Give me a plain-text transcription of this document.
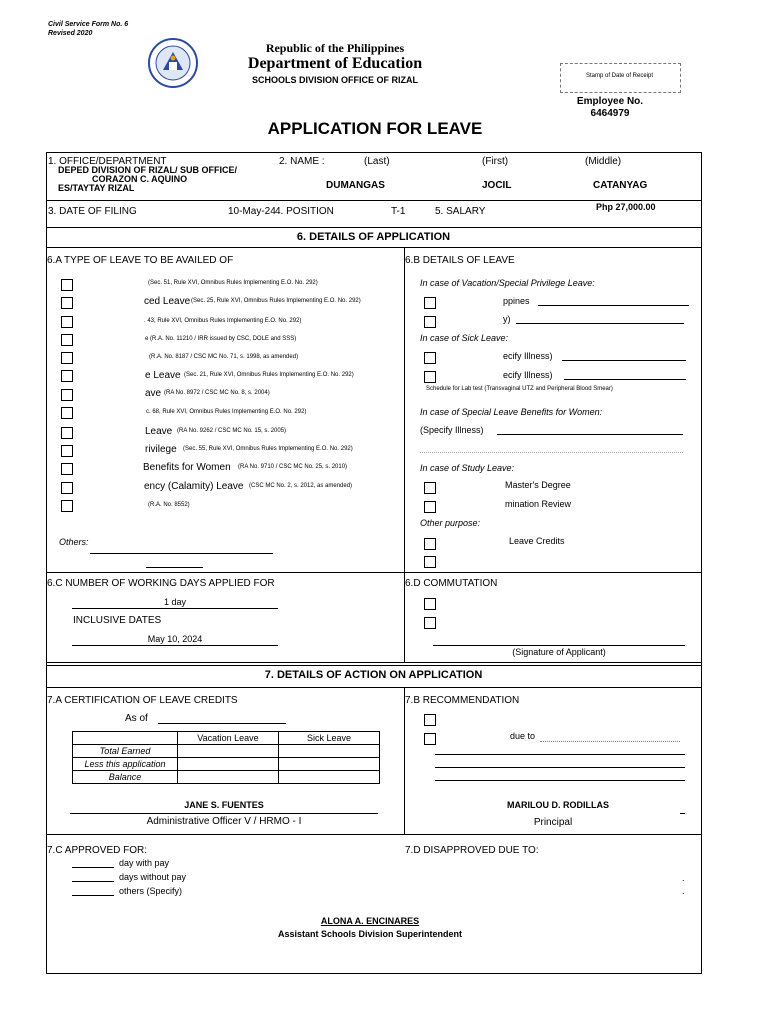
Civil Service Form No. 6
Revised 2020
Republic of the Philippines
Department of Education
SCHOOLS DIVISION OFFICE OF RIZAL	Stamp of Date of Receipt
Employee No.
6464979
APPLICATION FOR LEAVE
1. OFFICE/DEPARTMENT
DEPED DIVISION OF RIZAL/ SUB OFFICE/
CORAZON C. AQUINO
ES/TAYTAY RIZAL
2. NAME :	(Last)	(First)	(Middle)
DUMANGAS	JOCIL	CATANYAG
3. DATE OF FILING	10-May-24 4. POSITION	T-1	5. SALARY	Php 27,000.00
6. DETAILS OF APPLICATION
6.A TYPE OF LEAVE TO BE AVAILED OF
(Sec. 51, Rule XVI, Omnibus Rules Implementing E.O. No. 292)
ced Leave (Sec. 25, Rule XVI, Omnibus Rules Implementing E.O. No. 292)
. 43, Rule XVI, Omnibus Rules Implementing E.O. No. 292)
e (R.A. No. 11210 / IRR issued by CSC, DOLE and SSS)
(R.A. No. 8187 / CSC MC No. 71, s. 1998, as amended)
e Leave (Sec. 21, Rule XVI, Omnibus Rules Implementing E.O. No. 292)
ave (RA No. 8972 / CSC MC No. 8, s. 2004)
c. 68, Rule XVI, Omnibus Rules Implementing E.O. No. 292)
Leave (RA No. 9262 / CSC MC No. 15, s. 2005)
rivilege (Sec. 55, Rule XVI, Omnibus Rules Implementing E.O. No. 292)
Benefits for Women (RA No. 9710 / CSC MC No. 25, s. 2010)
ency (Calamity) Leave (CSC MC No. 2, s. 2012, as amended)
(R.A. No. 8552)
Others:
6.B DETAILS OF LEAVE
In case of Vacation/Special Privilege Leave:
ppines
y)
In case of Sick Leave:
ecify Illness)
ecify Illness)
Schedule for Lab test (Transvaginal UTZ and Peripheral Blood Smear)
In case of Special Leave Benefits for Women:
(Specify Illness)
In case of Study Leave:
Master's Degree
mination Review
Other purpose:
Leave Credits
6.C NUMBER OF WORKING DAYS APPLIED FOR
1 day
INCLUSIVE DATES
May 10, 2024
6.D COMMUTATION
(Signature of Applicant)
7. DETAILS OF ACTION ON APPLICATION
7.A CERTIFICATION OF LEAVE CREDITS
As of
	Vacation Leave	Sick Leave
Total Earned		
Less this application		
Balance		
JANE S. FUENTES
Administrative Officer V / HRMO - I
7.B RECOMMENDATION
due to
MARILOU D. RODILLAS
Principal
7.C APPROVED FOR:
day with pay
days without pay
others (Specify)
7.D DISAPPROVED DUE TO:
.
.
ALONA A. ENCINARES
Assistant Schools Division Superintendent
